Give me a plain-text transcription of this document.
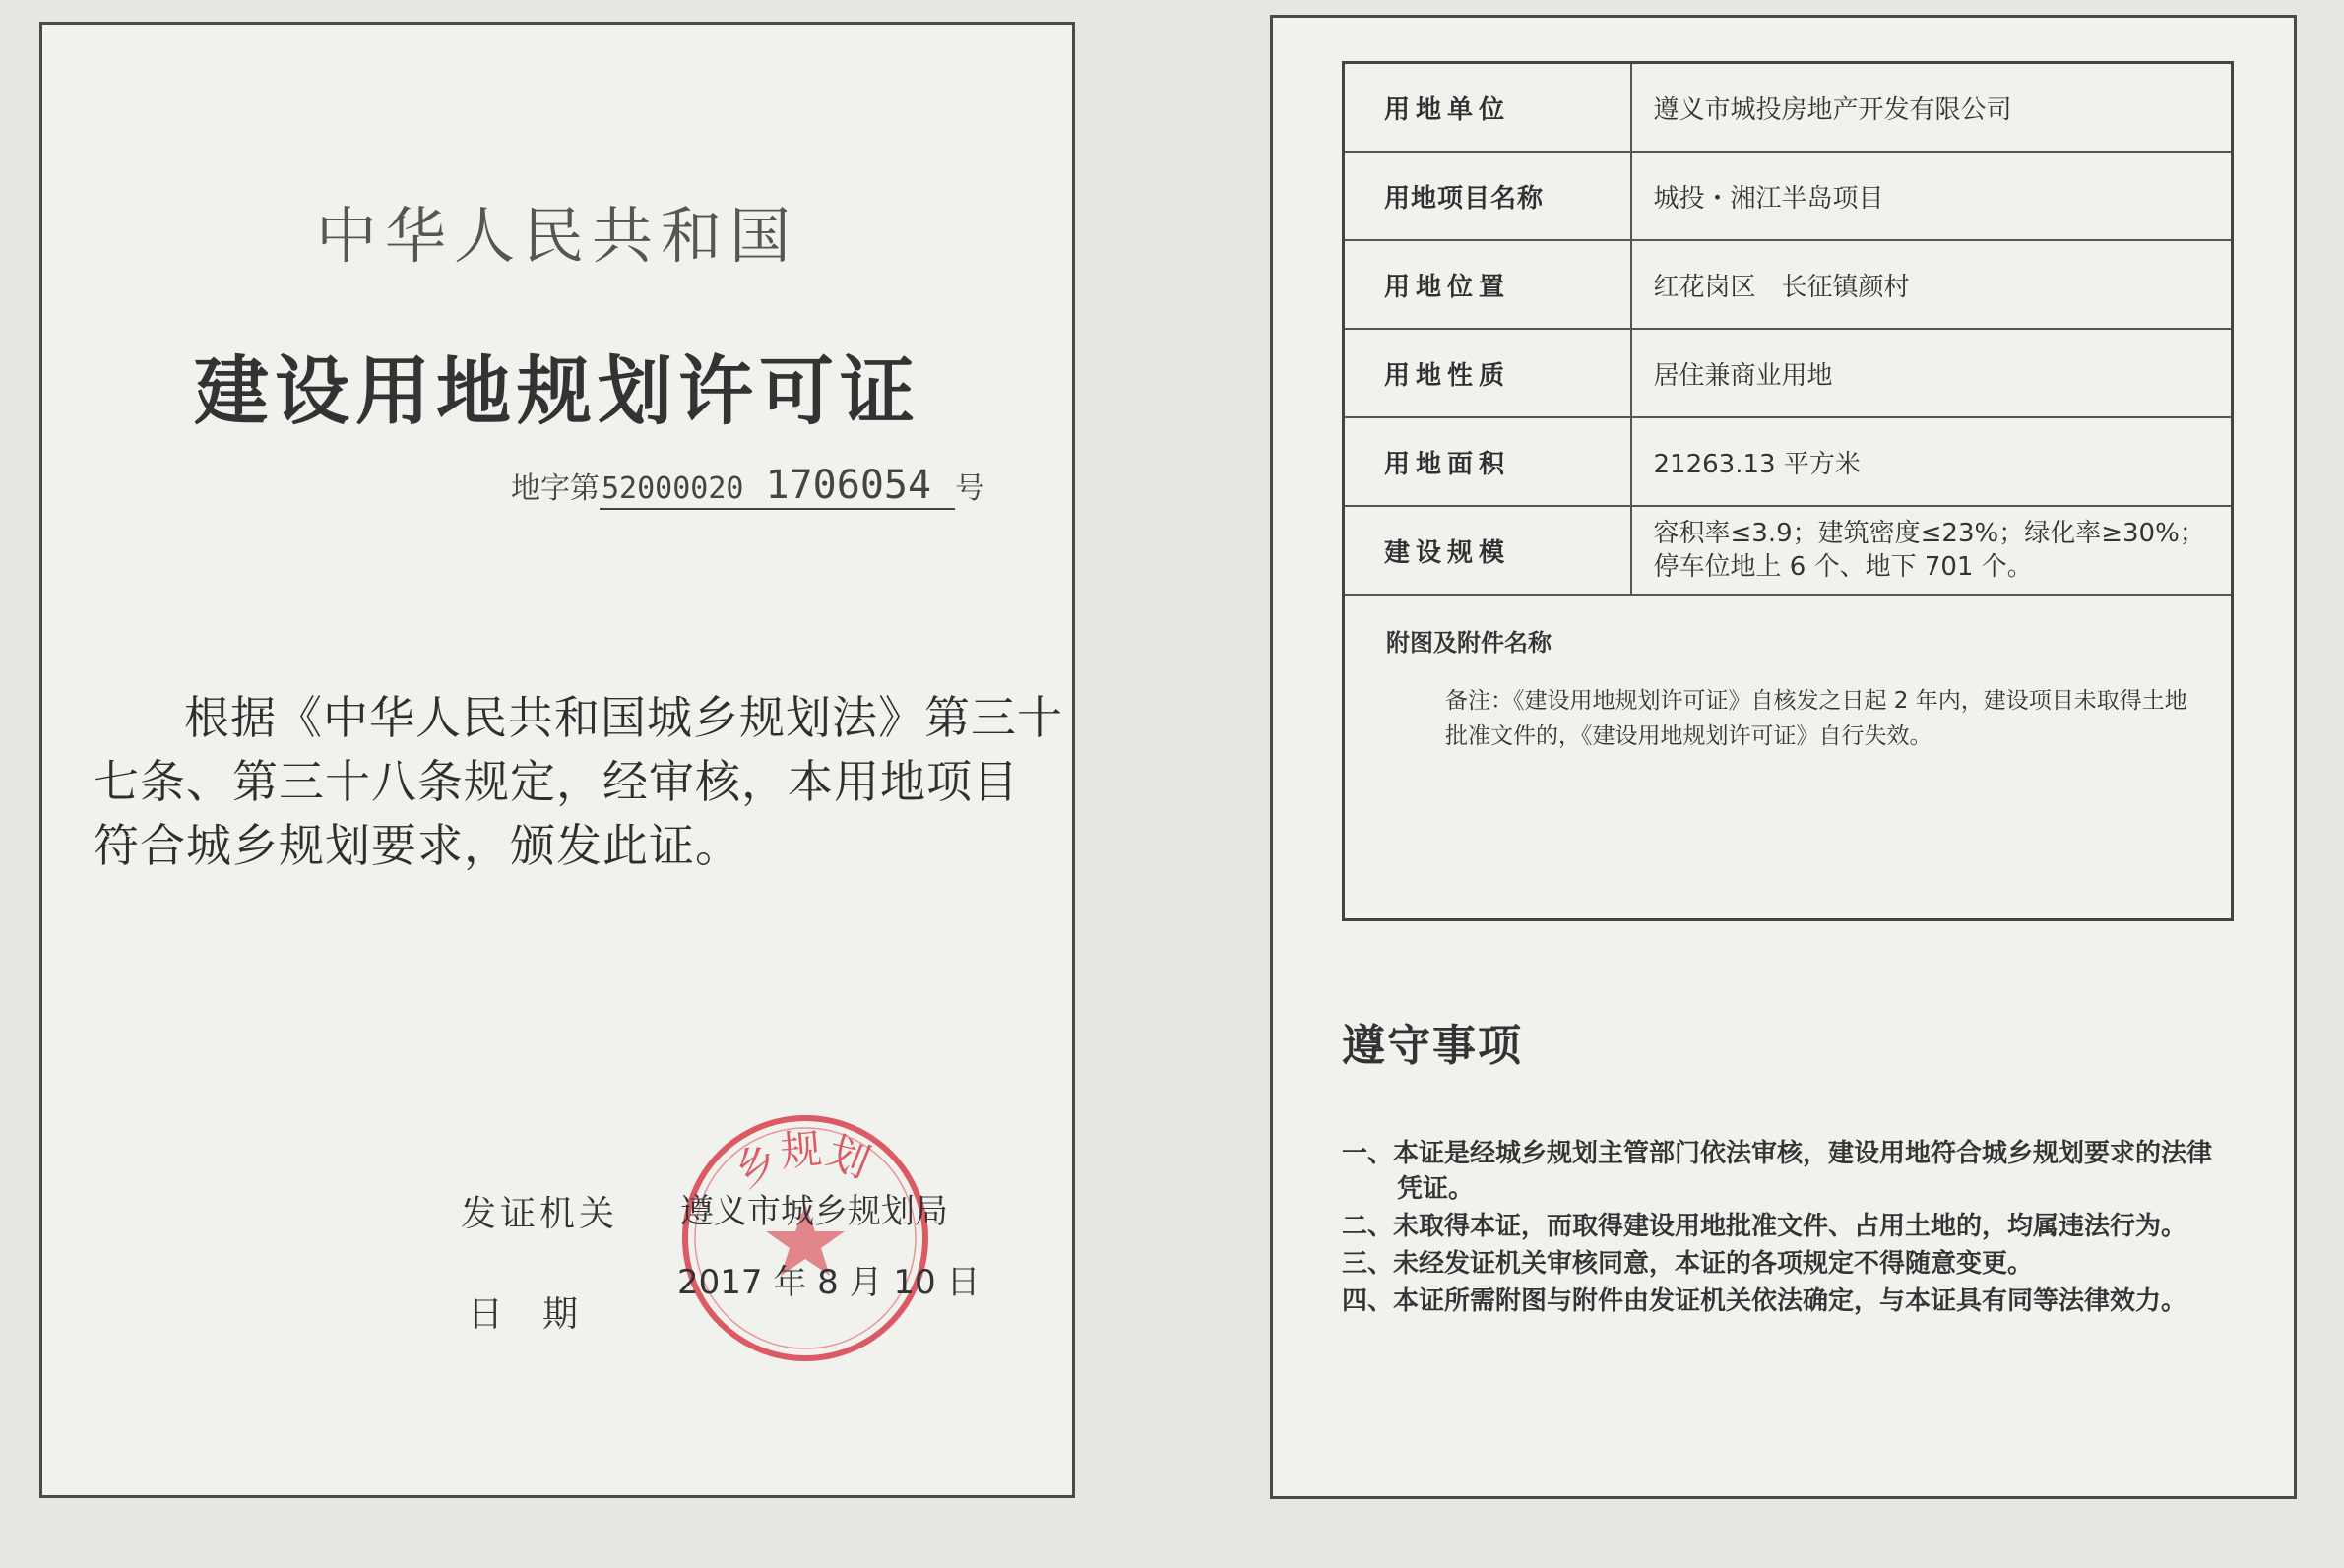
中华人民共和国
建设用地规划许可证
地字第52000020 1706054 号
根据《中华人民共和国城乡规划法》第三十七条、第三十八条规定，经审核，本用地项目符合城乡规划要求，颁发此证。
乡规划
发证机关 遵义市城乡规划局
日期
2017 年 8 月 10 日
用地单位	遵义市城投房地产开发有限公司
用地项目名称	城投・湘江半岛项目
用地位置	红花岗区　长征镇颜村
用地性质	居住兼商业用地
用地面积	21263.13 平方米
建设规模	容积率≤3.9；建筑密度≤23%；绿化率≥30%；停车位地上 6 个、地下 701 个。

附图及附件名称
备注：《建设用地规划许可证》自核发之日起 2 年内，建设项目未取得土地批准文件的，《建设用地规划许可证》自行失效。	
遵守事项
一、本证是经城乡规划主管部门依法审核，建设用地符合城乡规划要求的法律凭证。
二、未取得本证，而取得建设用地批准文件、占用土地的，均属违法行为。
三、未经发证机关审核同意，本证的各项规定不得随意变更。
四、本证所需附图与附件由发证机关依法确定，与本证具有同等法律效力。
